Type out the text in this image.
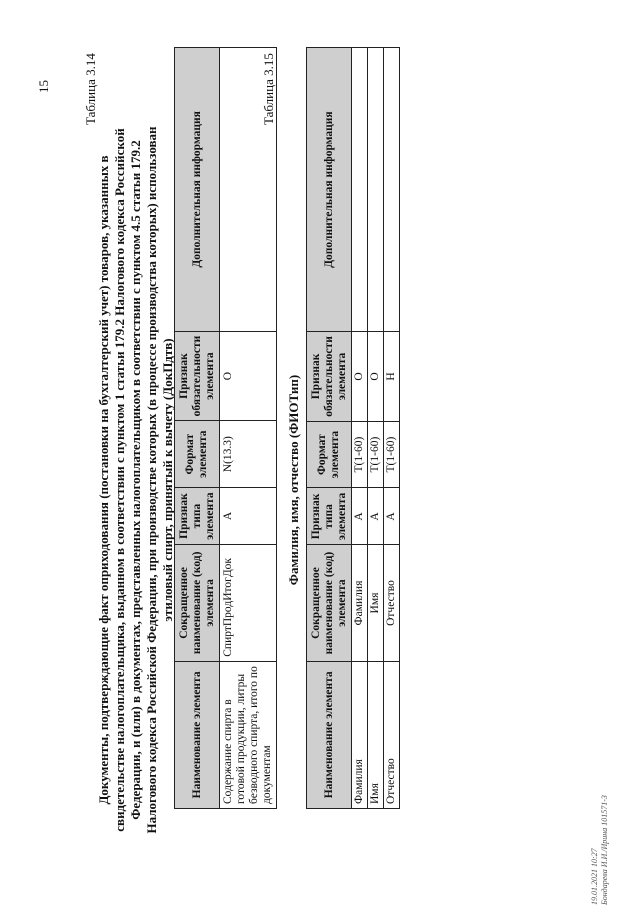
15 Таблица 3.14
Документы, подтверждающие факт оприходования (постановки на бухгалтерский учет) товаров, указанных в свидетельстве налогоплательщика, выданном в соответствии с пунктом 1 статьи 179.2 Налогового кодекса Российской Федерации, и (или) в документах, представленных налогоплательщиком в соответствии с пунктом 4.5 статьи 179.2 Налогового кодекса Российской Федерации, при производстве которых (в процессе производства которых) использован этиловый спирт, принятый к вычету (ДокПдтв)
Наименование элемента	Сокращенное наименование (код) элемента	Признак типа элемента	Формат элемента	Признак обязательности элемента	Дополнительная информация
Содержание спирта в готовой продукции, литры безводного спирта, итого по документам	СпиртПродИтогДок	А	N(13.3)	О	
Таблица 3.15
Фамилия, имя, отчество (ФИОТип)
Наименование элемента	Сокращенное наименование (код) элемента	Признак типа элемента	Формат элемента	Признак обязательности элемента	Дополнительная информация
Фамилия	Фамилия	А	T(1-60)	О	
Имя	Имя	А	T(1-60)	О	
Отчество	Отчество	А	T(1-60)	Н	
19.01.2021 10:27 Бондарева И.И./Ирина 101571-3
